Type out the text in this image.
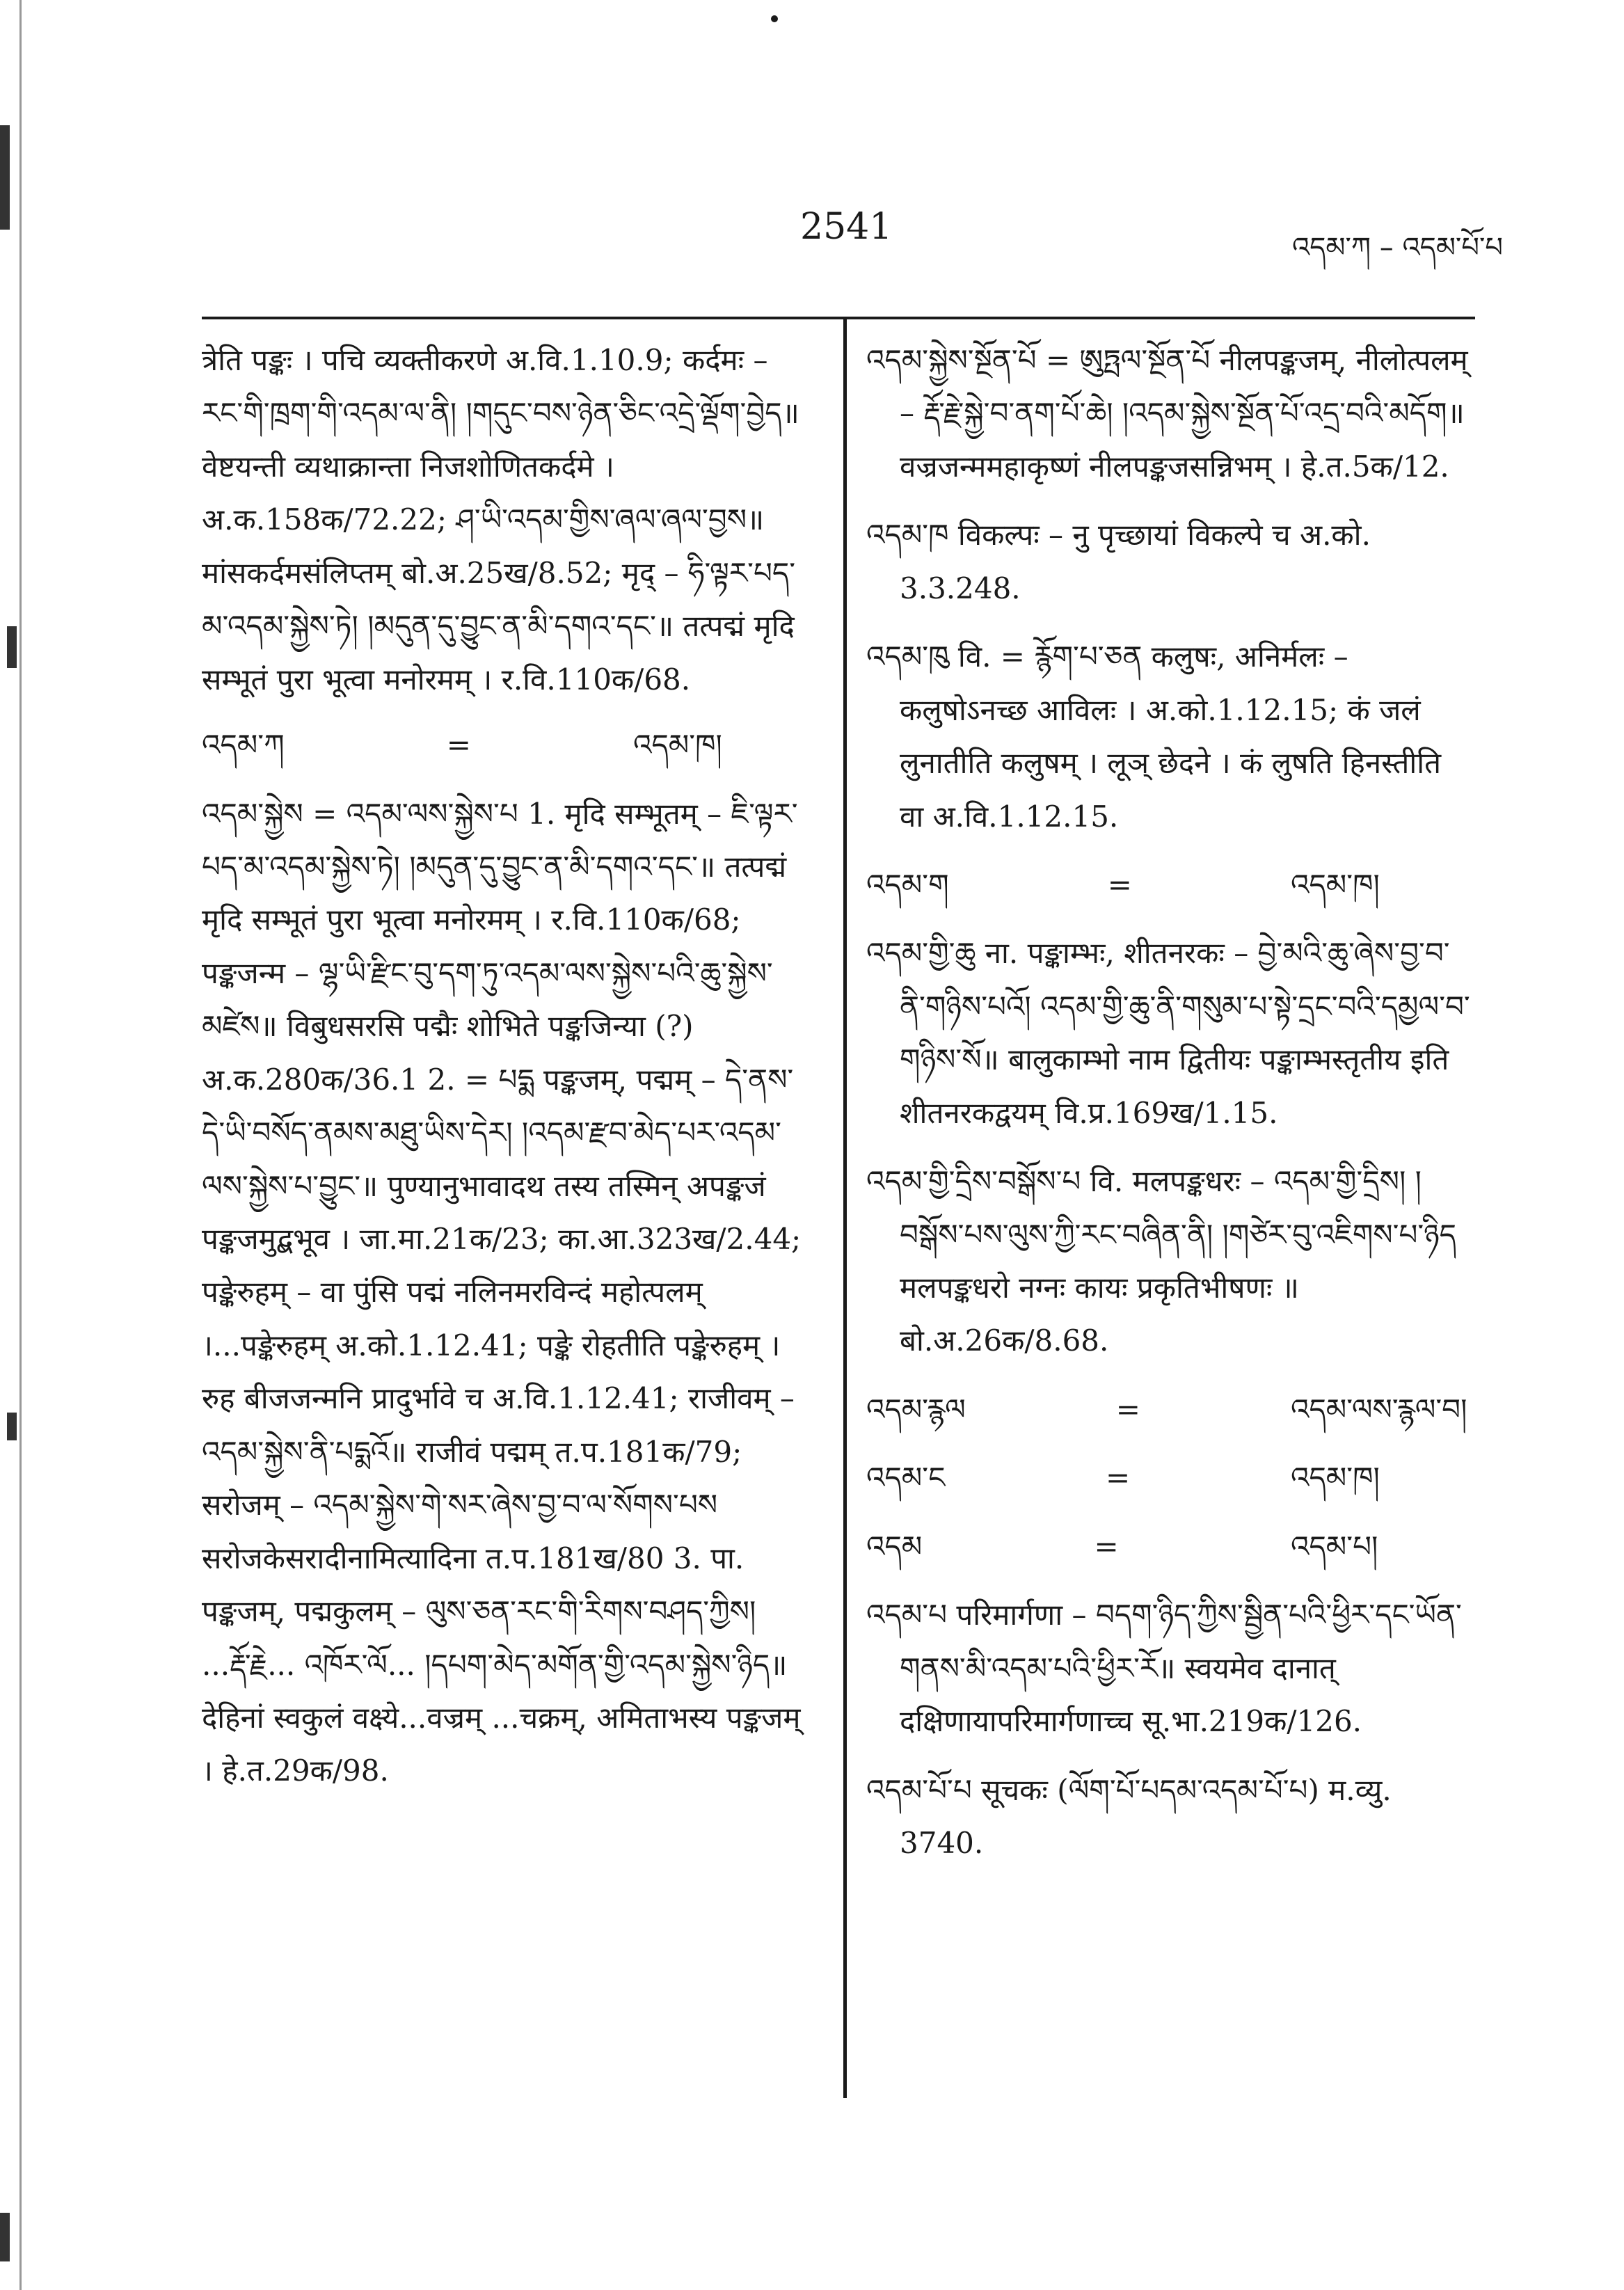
2541	འདམ་ཀ – འདམ་པོ་པ
त्रेति पङ्कः । पचि व्यक्तीकरणे अ.वि.1.10.9; कर्दमः – རང་གི་ཁྲག་གི་འདམ་ལ་ནི། །གདུང་བས་ཉེན་ཅིང་འདྲེ་ལྡོག་བྱེད॥ वेष्टयन्ती व्यथाक्रान्ता निजशोणितकर्दमे । अ.क.158क/72.22; ཤ་ཡི་འདམ་གྱིས་ཞལ་ཞལ་བྱས॥ मांसकर्दमसंलिप्तम् बो.अ.25ख/8.52; मृद् – ཧི་ལྟར་པད་མ་འདམ་སྐྱེས་ཏེ། །མདུན་དུ་བྱུང་ན་མི་དགའ་དང་॥ तत्पद्मं मृदि सम्भूतं पुरा भूत्वा मनोरमम् । र.वि.110क/68.
འདམ་ཀ	=	འདམ་ཁ།
འདམ་སྐྱེས = འདམ་ལས་སྐྱེས་པ 1. मृदि सम्भूतम् – ཇི་ལྟར་པད་མ་འདམ་སྐྱེས་ཏེ། །མདུན་དུ་བྱུང་ན་མི་དགའ་དང་॥ तत्पद्मं मृदि सम्भूतं पुरा भूत्वा मनोरमम् । र.वि.110क/68; पङ्कजन्म – ལྷ་ཡི་རྫིང་བུ་དག་ཏུ་འདམ་ལས་སྐྱེས་པའི་ཆུ་སྐྱེས་མཛེས॥ विबुधसरसि पद्मैः शोभिते पङ्कजिन्या (?) अ.क.280क/36.1 2. = པདྨ पङ्कजम्, पद्मम् – དེ་ནས་དེ་ཡི་བསོད་ནམས་མཐུ་ཡིས་དེར། །འདམ་རྫབ་མེད་པར་འདམ་ལས་སྐྱེས་པ་བྱུང་॥ पुण्यानुभावादथ तस्य तस्मिन् अपङ्कजं पङ्कजमुद्बभूव । जा.मा.21क/23; का.आ.323ख/2.44; पङ्केरुहम् – वा पुंसि पद्मं नलिनमरविन्दं महोत्पलम् ।...पङ्केरुहम् अ.को.1.12.41; पङ्के रोहतीति पङ्केरुहम् । रुह बीजजन्मनि प्रादुर्भावे च अ.वि.1.12.41; राजीवम् – འདམ་སྐྱེས་ནི་པདྨའོ॥ राजीवं पद्मम् त.प.181क/79; सरोजम् – འདམ་སྐྱེས་གེ་སར་ཞེས་བྱ་བ་ལ་སོགས་པས सरोजकेसरादीनामित्यादिना त.प.181ख/80 3. पा. पङ्कजम्, पद्मकुलम् – ལུས་ཅན་རང་གི་རིགས་བཤད་ཀྱིས། ...རྡོ་རྗེ... འཁོར་ལོ... །དཔག་མེད་མགོན་གྱི་འདམ་སྐྱེས་ཉིད॥ देहिनां स्वकुलं वक्ष्ये...वज्रम् ...चक्रम्, अमिताभस्य पङ्कजम् । हे.त.29क/98.
འདམ་སྐྱེས་སྔོན་པོ = ཨུཏྤལ་སྔོན་པོ नीलपङ्कजम्, नीलोत्पलम् – རྡོ་རྗེ་སྐྱེ་བ་ནག་པོ་ཆེ། །འདམ་སྐྱེས་སྔོན་པོ་འདྲ་བའི་མདོག॥ वज्रजन्ममहाकृष्णं नीलपङ्कजसन्निभम् । हे.त.5क/12.
འདམ་ཁ विकल्पः – नु पृच्छायां विकल्पे च अ.को. 3.3.248.
འདམ་ཁུ वि. = རྙོག་པ་ཅན कलुषः, अनिर्मलः – कलुषोऽनच्छ आविलः । अ.को.1.12.15; कं जलं लुनातीति कलुषम् । लूञ् छेदने । कं लुषति हिनस्तीति वा अ.वि.1.12.15.
འདམ་ག	=	འདམ་ཁ།
འདམ་གྱི་ཆུ ना. पङ्काम्भः, शीतनरकः – བྱེ་མའི་ཆུ་ཞེས་བྱ་བ་ནི་གཉིས་པའོ། འདམ་གྱི་ཆུ་ནི་གསུམ་པ་སྟེ་དྲང་བའི་དམྱལ་བ་གཉིས་སོ॥ बालुकाम्भो नाम द्वितीयः पङ्काम्भस्तृतीय इति शीतनरकद्वयम् वि.प्र.169ख/1.15.
འདམ་གྱི་དྲིས་བསྒོས་པ वि. मलपङ्कधरः – འདམ་གྱི་དྲིས། །བསྒོས་པས་ལུས་ཀྱི་རང་བཞིན་ནི། །གཙེར་བུ་འཇིགས་པ་ཉིད मलपङ्कधरो नग्नः कायः प्रकृतिभीषणः ॥ बो.अ.26क/8.68.
འདམ་རྙལ	=	འདམ་ལས་རྙལ་བ།
འདམ་ང	=	འདམ་ཁ།
འདམ	=	འདམ་པ།
འདམ་པ परिमार्गणा – བདག་ཉིད་ཀྱིས་སྦྱིན་པའི་ཕྱིར་དང་ཡོན་གནས་མི་འདམ་པའི་ཕྱིར་རོ॥ स्वयमेव दानात् दक्षिणायापरिमार्गणाच्च सू.भा.219क/126.
འདམ་པོ་པ सूचकः (ལོག་པོ་པདམ་འདམ་པོ་པ) म.व्यु. 3740.
